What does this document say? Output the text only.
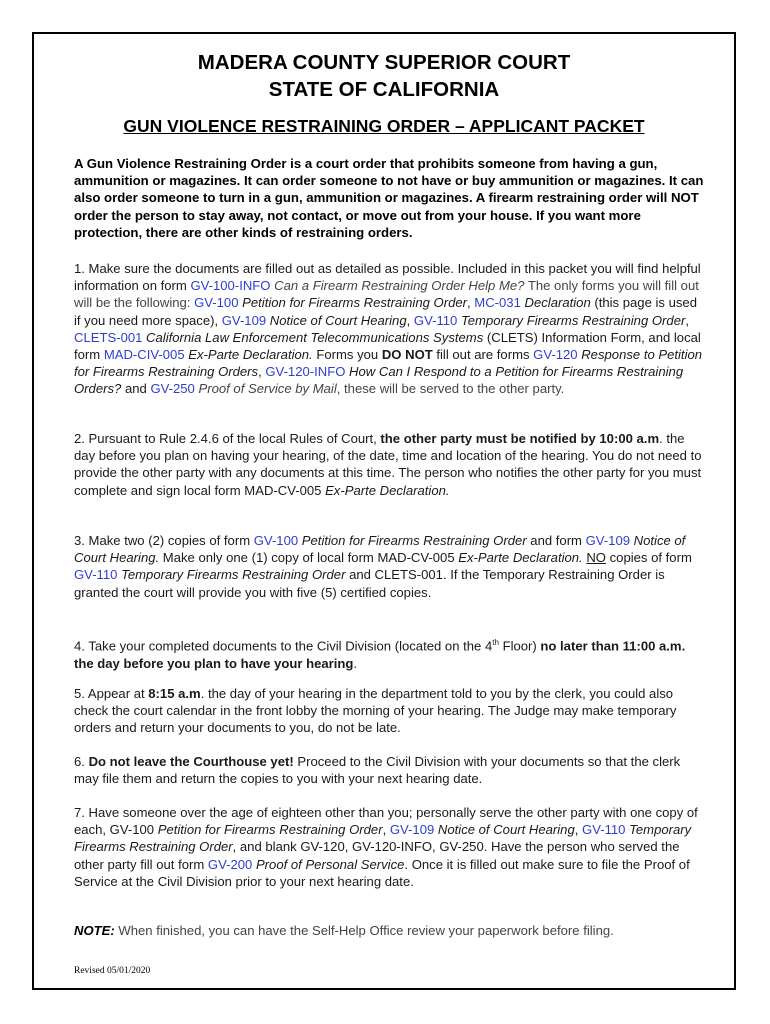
MADERA COUNTY SUPERIOR COURT
STATE OF CALIFORNIA
GUN VIOLENCE RESTRAINING ORDER – APPLICANT PACKET
A Gun Violence Restraining Order is a court order that prohibits someone from having a gun, ammunition or magazines. It can order someone to not have or buy ammunition or magazines. It can also order someone to turn in a gun, ammunition or magazines. A firearm restraining order will NOT order the person to stay away, not contact, or move out from your house. If you want more protection, there are other kinds of restraining orders.
1. Make sure the documents are filled out as detailed as possible. Included in this packet you will find helpful information on form GV-100-INFO Can a Firearm Restraining Order Help Me? The only forms you will fill out will be the following: GV-100 Petition for Firearms Restraining Order, MC-031 Declaration (this page is used if you need more space), GV-109 Notice of Court Hearing, GV-110 Temporary Firearms Restraining Order, CLETS-001 California Law Enforcement Telecommunications Systems (CLETS) Information Form, and local form MAD-CIV-005 Ex-Parte Declaration. Forms you DO NOT fill out are forms GV-120 Response to Petition for Firearms Restraining Orders, GV-120-INFO How Can I Respond to a Petition for Firearms Restraining Orders? and GV-250 Proof of Service by Mail, these will be served to the other party.
2. Pursuant to Rule 2.4.6 of the local Rules of Court, the other party must be notified by 10:00 a.m. the day before you plan on having your hearing, of the date, time and location of the hearing. You do not need to provide the other party with any documents at this time. The person who notifies the other party for you must complete and sign local form MAD-CV-005 Ex-Parte Declaration.
3. Make two (2) copies of form GV-100 Petition for Firearms Restraining Order and form GV-109 Notice of Court Hearing. Make only one (1) copy of local form MAD-CV-005 Ex-Parte Declaration. NO copies of form GV-110 Temporary Firearms Restraining Order and CLETS-001. If the Temporary Restraining Order is granted the court will provide you with five (5) certified copies.
4. Take your completed documents to the Civil Division (located on the 4th Floor) no later than 11:00 a.m. the day before you plan to have your hearing.
5. Appear at 8:15 a.m. the day of your hearing in the department told to you by the clerk, you could also check the court calendar in the front lobby the morning of your hearing. The Judge may make temporary orders and return your documents to you, do not be late.
6. Do not leave the Courthouse yet! Proceed to the Civil Division with your documents so that the clerk may file them and return the copies to you with your next hearing date.
7. Have someone over the age of eighteen other than you; personally serve the other party with one copy of each, GV-100 Petition for Firearms Restraining Order, GV-109 Notice of Court Hearing, GV-110 Temporary Firearms Restraining Order, and blank GV-120, GV-120-INFO, GV-250. Have the person who served the other party fill out form GV-200 Proof of Personal Service. Once it is filled out make sure to file the Proof of Service at the Civil Division prior to your next hearing date.
NOTE: When finished, you can have the Self-Help Office review your paperwork before filing.
Revised 05/01/2020
